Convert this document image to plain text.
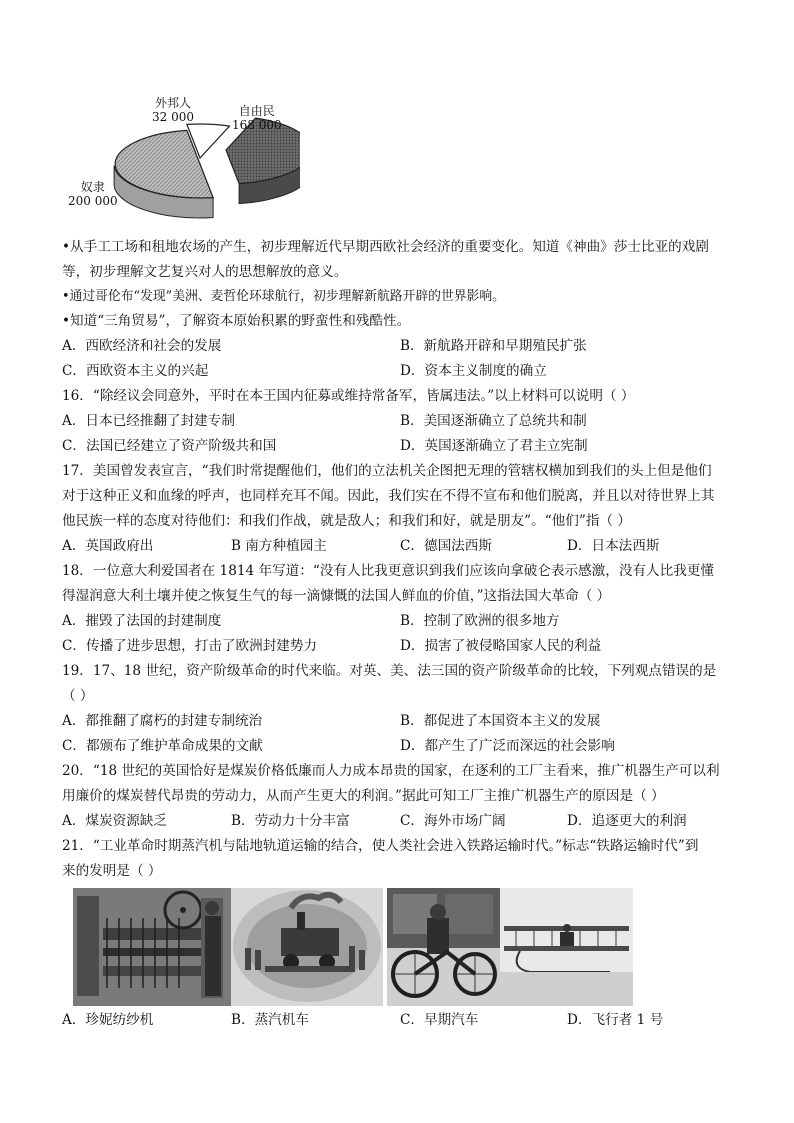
外邦人
32 000	自由民
168 000
奴隶
200 000
•从手工工场和租地农场的产生，初步理解近代早期西欧社会经济的重要变化。知道《神曲》莎士比亚的戏剧
等，初步理解文艺复兴对人的思想解放的意义。
•通过哥伦布“发现”美洲、麦哲伦环球航行，初步理解新航路开辟的世界影响。
•知道“三角贸易”，了解资本原始积累的野蛮性和残酷性。
A．西欧经济和社会的发展	B．新航路开辟和早期殖民扩张
C．西欧资本主义的兴起	D．资本主义制度的确立
16．“除经议会同意外，平时在本王国内征募或维持常备军，皆属违法。”以上材料可以说明（ ）
A．日本已经推翻了封建专制	B．美国逐渐确立了总统共和制
C．法国已经建立了资产阶级共和国	D．英国逐渐确立了君主立宪制
17．美国曾发表宣言，“我们时常提醒他们，他们的立法机关企图把无理的管辖权横加到我们的头上但是他们
对于这种正义和血缘的呼声，也同样充耳不闻。因此，我们实在不得不宣布和他们脱离，并且以对待世界上其
他民族一样的态度对待他们：和我们作战，就是敌人；和我们和好，就是朋友”。“他们”指（ ）
A．英国政府出	B 南方种植园主	C．德国法西斯	D．日本法西斯
18．一位意大利爱国者在 1814 年写道：“没有人比我更意识到我们应该向拿破仑表示感激，没有人比我更懂
得湿润意大利土壤并使之恢复生气的每一滴慷慨的法国人鲜血的价值，”这指法国大革命（ ）
A．摧毁了法国的封建制度	B．控制了欧洲的很多地方
C．传播了进步思想，打击了欧洲封建势力	D．损害了被侵略国家人民的利益
19．17、18 世纪，资产阶级革命的时代来临。对英、美、法三国的资产阶级革命的比较，下列观点错误的是
（ ）
A．都推翻了腐朽的封建专制统治	B．都促进了本国资本主义的发展
C．都颁布了维护革命成果的文献	D．都产生了广泛而深远的社会影响
20．“18 世纪的英国恰好是煤炭价格低廉而人力成本昂贵的国家，在逐利的工厂主看来，推广机器生产可以利
用廉价的煤炭替代昂贵的劳动力，从而产生更大的利润。”据此可知工厂主推广机器生产的原因是（ ）
A．煤炭资源缺乏	B．劳动力十分丰富	C．海外市场广阔	D．追逐更大的利润
21．“工业革命时期蒸汽机与陆地轨道运输的结合，使人类社会进入铁路运输时代。”标志“铁路运输时代”到
来的发明是（ ）
A．珍妮纺纱机	B．蒸汽机车	C．早期汽车	D．飞行者 1 号
